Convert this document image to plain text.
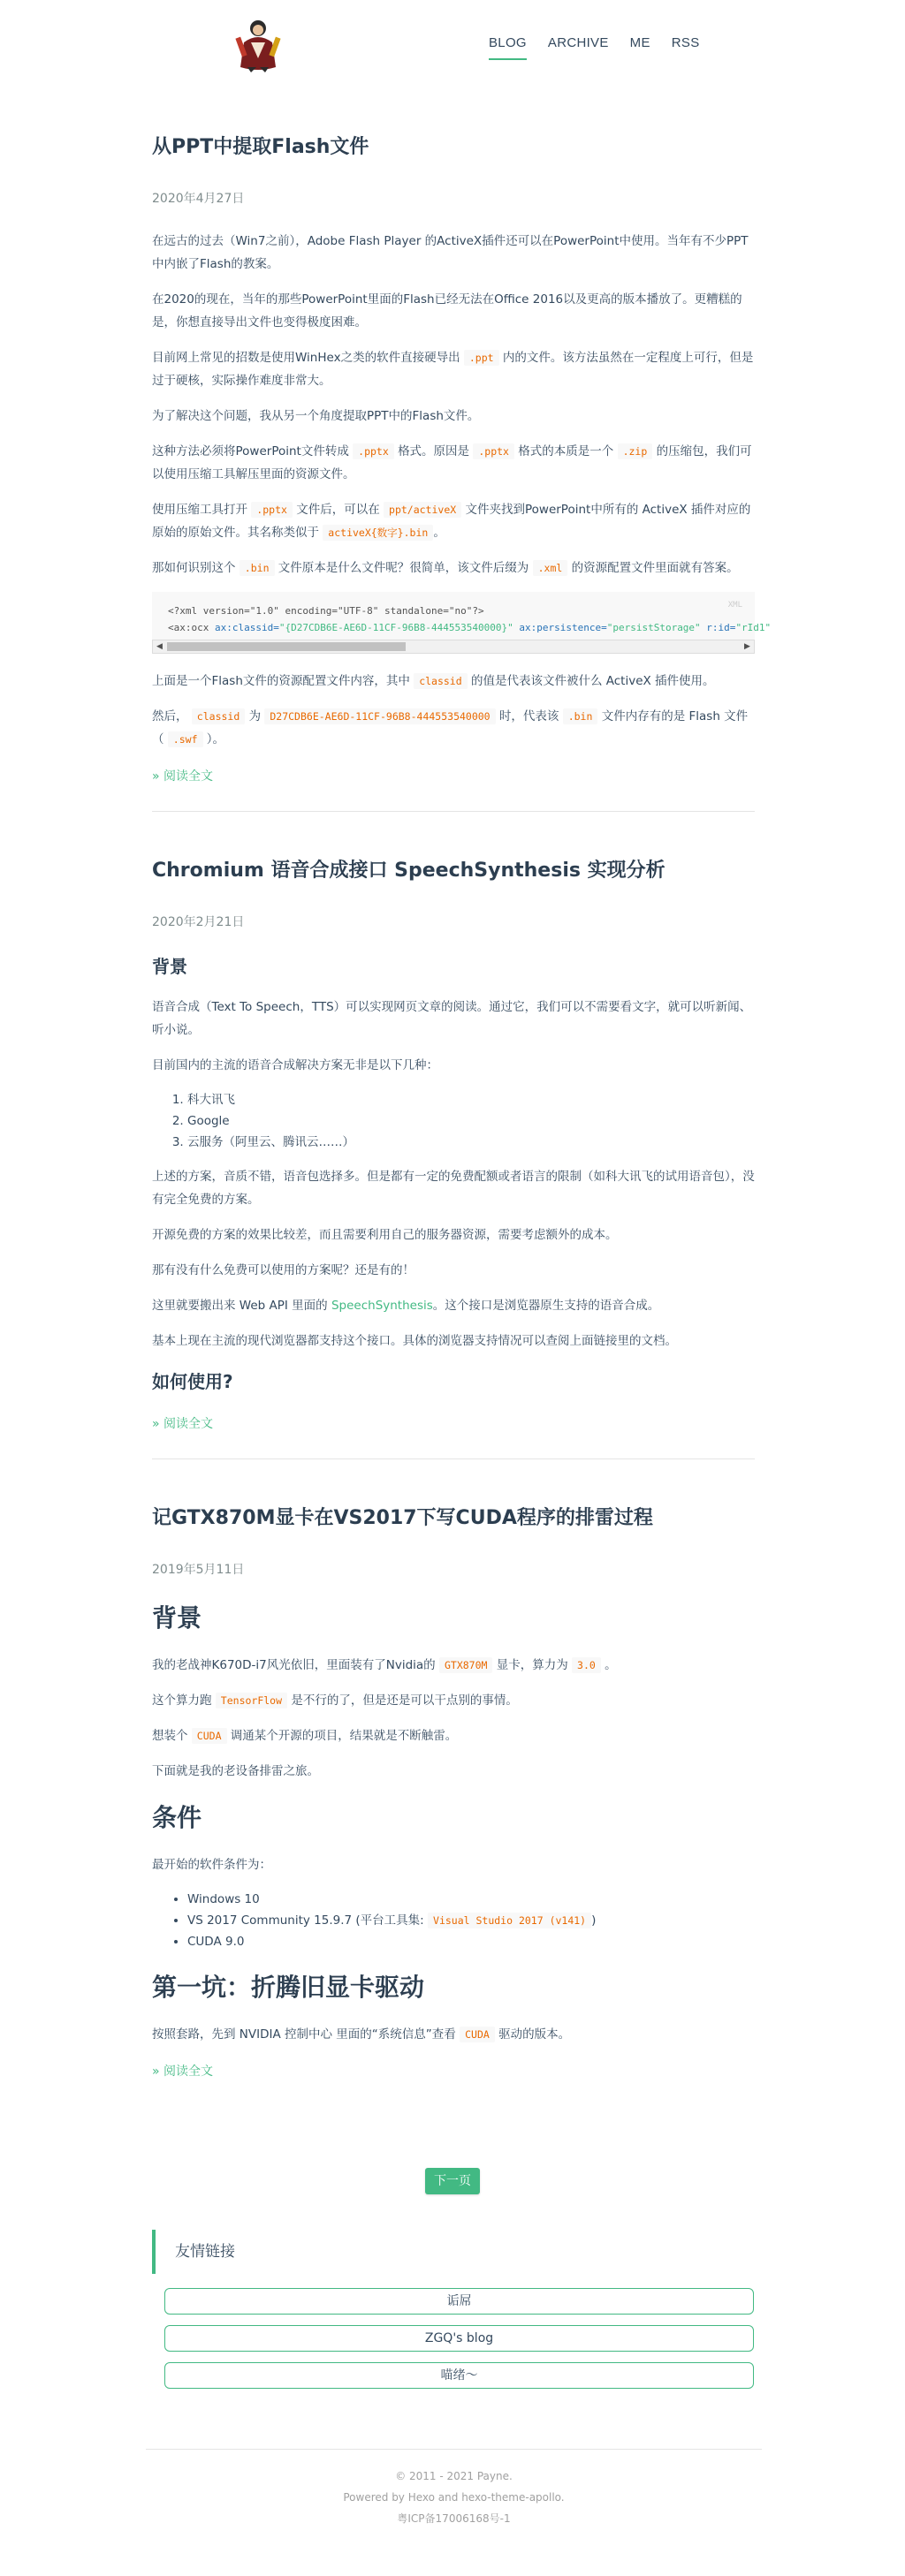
BLOG ARCHIVE ME RSS
从PPT中提取Flash文件
2020年4月27日

在远古的过去（Win7之前），Adobe Flash Player 的ActiveX插件还可以在PowerPoint中使用。当年有不少PPT中内嵌了Flash的教案。

在2020的现在，当年的那些PowerPoint里面的Flash已经无法在Office 2016以及更高的版本播放了。更糟糕的是，你想直接导出文件也变得极度困难。

目前网上常见的招数是使用WinHex之类的软件直接硬导出 .ppt 内的文件。该方法虽然在一定程度上可行，但是过于硬核，实际操作难度非常大。

为了解决这个问题，我从另一个角度提取PPT中的Flash文件。

这种方法必须将PowerPoint文件转成 .pptx 格式。原因是 .pptx 格式的本质是一个 .zip 的压缩包，我们可以使用压缩工具解压里面的资源文件。

使用压缩工具打开 .pptx 文件后，可以在 ppt/activeX 文件夹找到PowerPoint中所有的 ActiveX 插件对应的原始的原始文件。其名称类似于 activeX{数字}.bin 。

那如何识别这个 .bin 文件原本是什么文件呢？很简单，该文件后缀为 .xml 的资源配置文件里面就有答案。

XML
<?xml version="1.0" encoding="UTF-8" standalone="no"?>
<ax:ocx ax:classid="{D27CDB6E-AE6D-11CF-96B8-444553540000}" ax:persistence="persistStorage" r:id="rId1"
◀	▶

上面是一个Flash文件的资源配置文件内容，其中 classid 的值是代表该文件被什么 ActiveX 插件使用。

然后， classid 为 D27CDB6E-AE6D-11CF-96B8-444553540000 时，代表该 .bin 文件内存有的是 Flash 文件（ .swf ）。

» 阅读全文
Chromium 语音合成接口 SpeechSynthesis 实现分析
2020年2月21日
背景

语音合成（Text To Speech，TTS）可以实现网页文章的阅读。通过它，我们可以不需要看文字，就可以听新闻、听小说。

目前国内的主流的语音合成解决方案无非是以下几种：

1. 科大讯飞
2. Google
3. 云服务（阿里云、腾讯云……）

上述的方案，音质不错，语音包选择多。但是都有一定的免费配额或者语言的限制（如科大讯飞的试用语音包），没有完全免费的方案。

开源免费的方案的效果比较差，而且需要利用自己的服务器资源，需要考虑额外的成本。

那有没有什么免费可以使用的方案呢？还是有的！

这里就要搬出来 Web API 里面的 SpeechSynthesis。这个接口是浏览器原生支持的语音合成。

基本上现在主流的现代浏览器都支持这个接口。具体的浏览器支持情况可以查阅上面链接里的文档。

如何使用?
» 阅读全文
记GTX870M显卡在VS2017下写CUDA程序的排雷过程
2019年5月11日
背景

我的老战神K670D-i7风光依旧，里面装有了Nvidia的 GTX870M 显卡，算力为 3.0 。

这个算力跑 TensorFlow 是不行的了，但是还是可以干点别的事情。

想装个 CUDA 调通某个开源的项目，结果就是不断触雷。

下面就是我的老设备排雷之旅。

条件

最开始的软件条件为：

• Windows 10
• VS 2017 Community 15.9.7 (平台工具集: Visual Studio 2017 (v141) )
• CUDA 9.0
第一坑：折腾旧显卡驱动

按照套路，先到 NVIDIA 控制中心 里面的“系统信息”查看 CUDA 驱动的版本。

» 阅读全文
下一页
友情链接
诟屌
ZGQ's blog
喵绪～
© 2011 - 2021 Payne.
Powered by Hexo and hexo-theme-apollo.
粤ICP备17006168号-1
